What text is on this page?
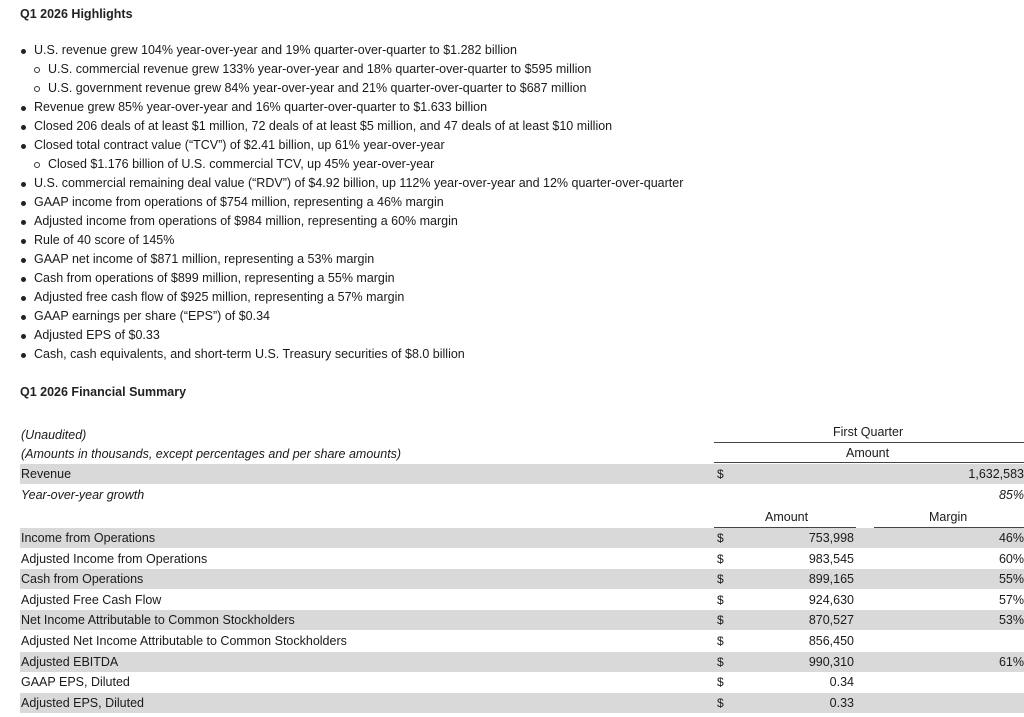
Q1 2026 Highlights
U.S. revenue grew 104% year-over-year and 19% quarter-over-quarter to $1.282 billion
U.S. commercial revenue grew 133% year-over-year and 18% quarter-over-quarter to $595 million
U.S. government revenue grew 84% year-over-year and 21% quarter-over-quarter to $687 million
Revenue grew 85% year-over-year and 16% quarter-over-quarter to $1.633 billion
Closed 206 deals of at least $1 million, 72 deals of at least $5 million, and 47 deals of at least $10 million
Closed total contract value (“TCV”) of $2.41 billion, up 61% year-over-year
Closed $1.176 billion of U.S. commercial TCV, up 45% year-over-year
U.S. commercial remaining deal value (“RDV”) of $4.92 billion, up 112% year-over-year and 12% quarter-over-quarter
GAAP income from operations of $754 million, representing a 46% margin
Adjusted income from operations of $984 million, representing a 60% margin
Rule of 40 score of 145%
GAAP net income of $871 million, representing a 53% margin
Cash from operations of $899 million, representing a 55% margin
Adjusted free cash flow of $925 million, representing a 57% margin
GAAP earnings per share (“EPS”) of $0.34
Adjusted EPS of $0.33
Cash, cash equivalents, and short-term U.S. Treasury securities of $8.0 billion
Q1 2026 Financial Summary
(Unaudited)
(Amounts in thousands, except percentages and per share amounts)
First Quarter
Amount
Revenue	$	1,632,583
Year-over-year growth	85%
Amount	Margin
Income from Operations	$	753,998	46%
Adjusted Income from Operations	$	983,545	60%
Cash from Operations	$	899,165	55%
Adjusted Free Cash Flow	$	924,630	57%
Net Income Attributable to Common Stockholders	$	870,527	53%
Adjusted Net Income Attributable to Common Stockholders	$	856,450
Adjusted EBITDA	$	990,310	61%
GAAP EPS, Diluted	$	0.34
Adjusted EPS, Diluted	$	0.33
